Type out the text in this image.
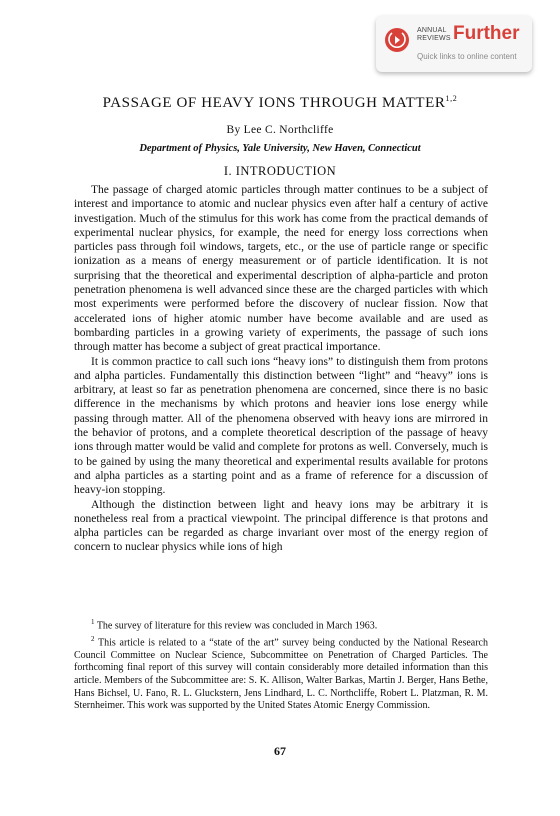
ANNUAL
REVIEWS Further
Quick links to online content
PASSAGE OF HEAVY IONS THROUGH MATTER$^{1,2}$
By Lee C. Northcliffe
Department of Physics, Yale University, New Haven, Connecticut
I. INTRODUCTION

The passage of charged atomic particles through matter continues to be a subject of interest and importance to atomic and nuclear physics even after half a century of active investigation. Much of the stimulus for this work has come from the practical demands of experimental nuclear physics, for example, the need for energy loss corrections when particles pass through foil windows, targets, etc., or the use of particle range or specific ionization as a means of energy measurement or of particle identification. It is not surprising that the theoretical and experimental description of alpha-particle and proton penetration phenomena is well advanced since these are the charged particles with which most experiments were performed before the discovery of nuclear fission. Now that accelerated ions of higher atomic number have become available and are used as bombarding particles in a growing variety of experiments, the passage of such ions through matter has become a subject of great practical importance.

It is common practice to call such ions “heavy ions” to distinguish them from protons and alpha particles. Fundamentally this distinction between “light” and “heavy” ions is arbitrary, at least so far as penetration phenomena are concerned, since there is no basic difference in the mechanisms by which protons and heavier ions lose energy while passing through matter. All of the phenomena observed with heavy ions are mirrored in the behavior of protons, and a complete theoretical description of the passage of heavy ions through matter would be valid and complete for protons as well. Conversely, much is to be gained by using the many theoretical and experimental results available for protons and alpha particles as a starting point and as a frame of reference for a discussion of heavy-ion stopping.

Although the distinction between light and heavy ions may be arbitrary it is nonetheless real from a practical viewpoint. The principal difference is that protons and alpha particles can be regarded as charge invariant over most of the energy region of concern to nuclear physics while ions of high

$^1$ The survey of literature for this review was concluded in March 1963.

$^2$ This article is related to a “state of the art” survey being conducted by the National Research Council Committee on Nuclear Science, Subcommittee on Penetration of Charged Particles. The forthcoming final report of this survey will contain considerably more detailed information than this article. Members of the Subcommittee are: S. K. Allison, Walter Barkas, Martin J. Berger, Hans Bethe, Hans Bichsel, U. Fano, R. L. Gluckstern, Jens Lindhard, L. C. Northcliffe, Robert L. Platzman, R. M. Sternheimer. This work was supported by the United States Atomic Energy Commission.

67
